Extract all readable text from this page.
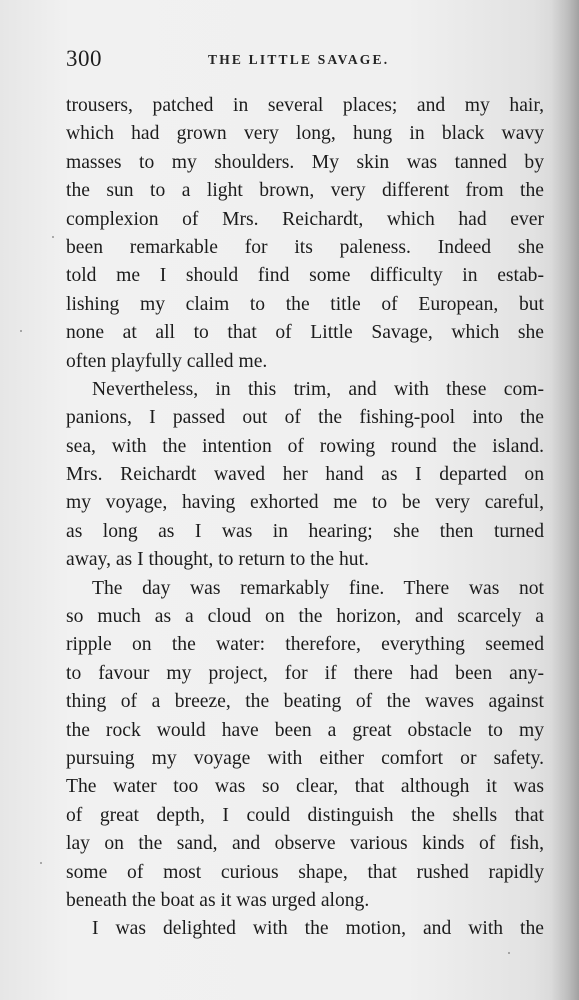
300	THE LITTLE SAVAGE.
trousers, patched in several places; and my hair,
which had grown very long, hung in black wavy
masses to my shoulders. My skin was tanned by
the sun to a light brown, very different from the
complexion of Mrs. Reichardt, which had ever
been remarkable for its paleness. Indeed she
told me I should find some difficulty in estab-
lishing my claim to the title of European, but
none at all to that of Little Savage, which she
often playfully called me.
Nevertheless, in this trim, and with these com-
panions, I passed out of the fishing-pool into the
sea, with the intention of rowing round the island.
Mrs. Reichardt waved her hand as I departed on
my voyage, having exhorted me to be very careful,
as long as I was in hearing; she then turned
away, as I thought, to return to the hut.
The day was remarkably fine. There was not
so much as a cloud on the horizon, and scarcely a
ripple on the water: therefore, everything seemed
to favour my project, for if there had been any-
thing of a breeze, the beating of the waves against
the rock would have been a great obstacle to my
pursuing my voyage with either comfort or safety.
The water too was so clear, that although it was
of great depth, I could distinguish the shells that
lay on the sand, and observe various kinds of fish,
some of most curious shape, that rushed rapidly
beneath the boat as it was urged along.
I was delighted with the motion, and with the
